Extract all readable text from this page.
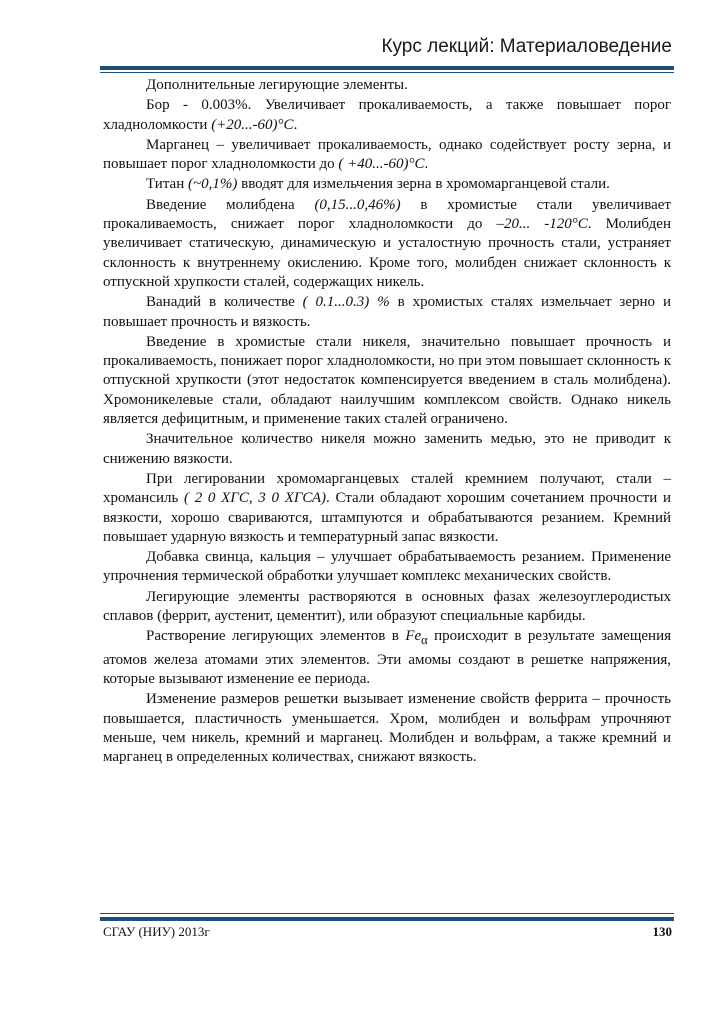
Курс лекций: Материаловедение

Дополнительные легирующие элементы.

Бор - 0.003%. Увеличивает прокаливаемость, а также повышает порог хладноломкости (+20...-60)°C.

Марганец – увеличивает прокаливаемость, однако содействует росту зерна, и повышает порог хладноломкости до ( +40...-60)°C.

Титан (~0,1%) вводят для измельчения зерна в хромомарганцевой стали.

Введение молибдена (0,15...0,46%) в хромистые стали увеличивает прокаливаемость, снижает порог хладноломкости до –20... -120°C. Молибден увеличивает статическую, динамическую и усталостную прочность стали, устраняет склонность к внутреннему окислению. Кроме того, молибден снижает склонность к отпускной хрупкости сталей, содержащих никель.

Ванадий в количестве ( 0.1...0.3) % в хромистых сталях измельчает зерно и повышает прочность и вязкость.

Введение в хромистые стали никеля, значительно повышает прочность и прокаливаемость, понижает порог хладноломкости, но при этом повышает склонность к отпускной хрупкости (этот недостаток компенсируется введением в сталь молибдена). Хромоникелевые стали, обладают наилучшим комплексом свойств. Однако никель является дефицитным, и применение таких сталей ограничено.

Значительное количество никеля можно заменить медью, это не приводит к снижению вязкости.

При легировании хромомарганцевых сталей кремнием получают, стали – хромансиль ( 2 0 ХГС, 3 0 ХГСА). Стали обладают хорошим сочетанием прочности и вязкости, хорошо свариваются, штампуются и обрабатываются резанием. Кремний повышает ударную вязкость и температурный запас вязкости.

Добавка свинца, кальция – улучшает обрабатываемость резанием. Применение упрочнения термической обработки улучшает комплекс механических свойств.

Легирующие элементы растворяются в основных фазах железоуглеродистых сплавов (феррит, аустенит, цементит), или образуют специальные карбиды.

Растворение легирующих элементов в $Fe_\alpha$ происходит в результате замещения атомов железа атомами этих элементов. Эти амомы создают в решетке напряжения, которые вызывают изменение ее периода.

Изменение размеров решетки вызывает изменение свойств феррита – прочность повышается, пластичность уменьшается. Хром, молибден и вольфрам упрочняют меньше, чем никель, кремний и марганец. Молибден и вольфрам, а также кремний и марганец в определенных количествах, снижают вязкость.

СГАУ (НИУ) 2013г	130
